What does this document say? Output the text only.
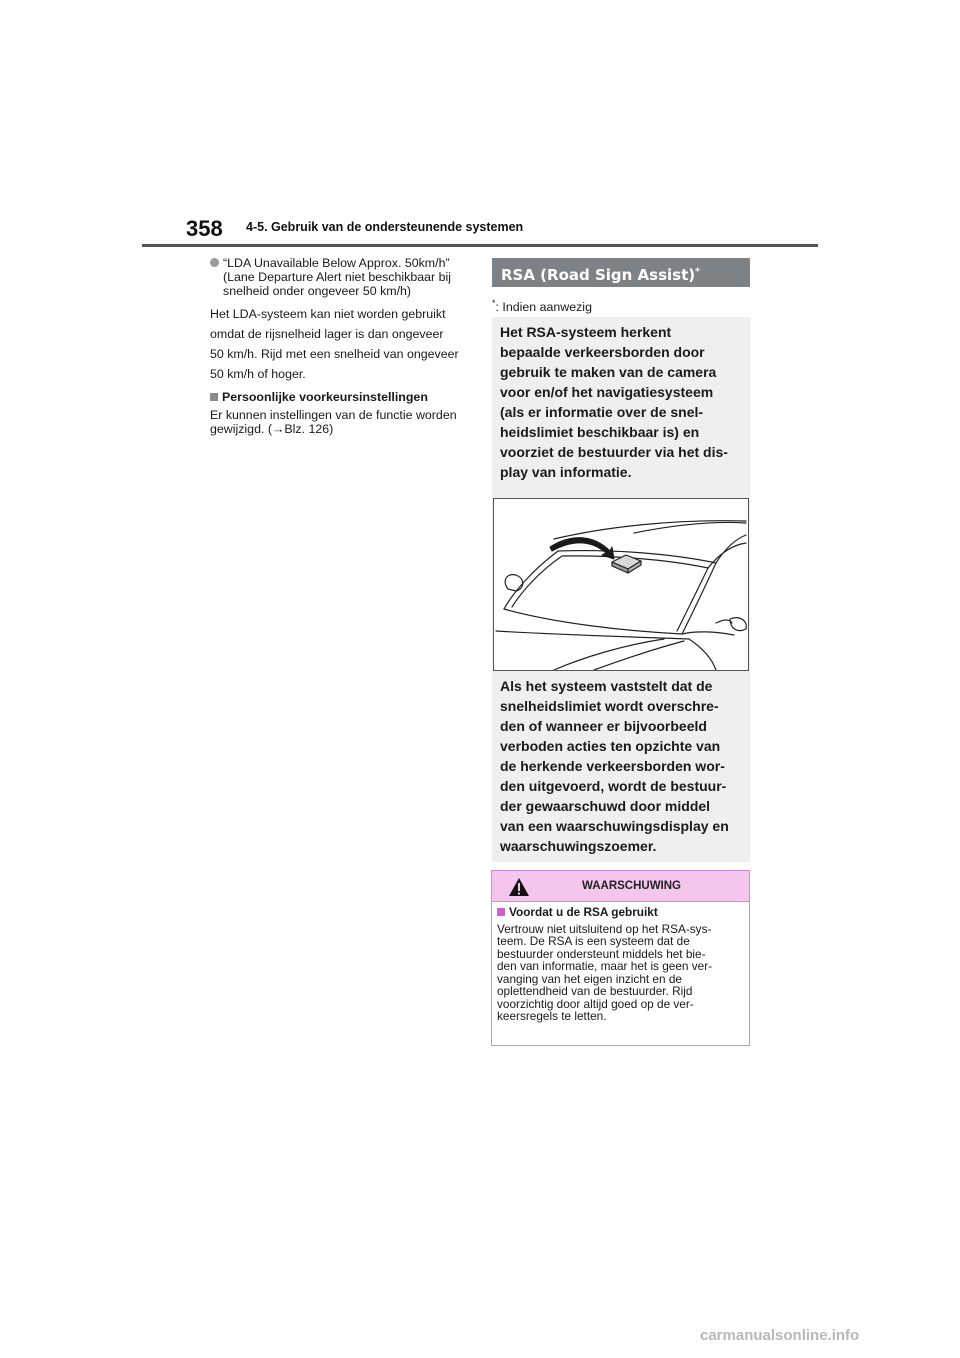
358 4-5. Gebruik van de ondersteunende systemen
“LDA Unavailable Below Approx. 50km/h”
(Lane Departure Alert niet beschikbaar bij
snelheid onder ongeveer 50 km/h)
Het LDA-systeem kan niet worden gebruikt
omdat de rijsnelheid lager is dan ongeveer
50 km/h. Rijd met een snelheid van ongeveer
50 km/h of hoger.
Persoonlijke voorkeursinstellingen
Er kunnen instellingen van de functie worden
gewijzigd. (→Blz. 126)
RSA (Road Sign Assist)*
*: Indien aanwezig
Het RSA-systeem herkent
bepaalde verkeersborden door
gebruik te maken van de camera
voor en/of het navigatiesysteem
(als er informatie over de snel-
heidslimiet beschikbaar is) en
voorziet de bestuurder via het dis-
play van informatie.
Als het systeem vaststelt dat de
snelheidslimiet wordt overschre-
den of wanneer er bijvoorbeeld
verboden acties ten opzichte van
de herkende verkeersborden wor-
den uitgevoerd, wordt de bestuur-
der gewaarschuwd door middel
van een waarschuwingsdisplay en
waarschuwingszoemer.
WAARSCHUWING
Voordat u de RSA gebruikt
Vertrouw niet uitsluitend op het RSA-sys-
teem. De RSA is een systeem dat de
bestuurder ondersteunt middels het bie-
den van informatie, maar het is geen ver-
vanging van het eigen inzicht en de
oplettendheid van de bestuurder. Rijd
voorzichtig door altijd goed op de ver-
keersregels te letten.
carmanualsonline.info
